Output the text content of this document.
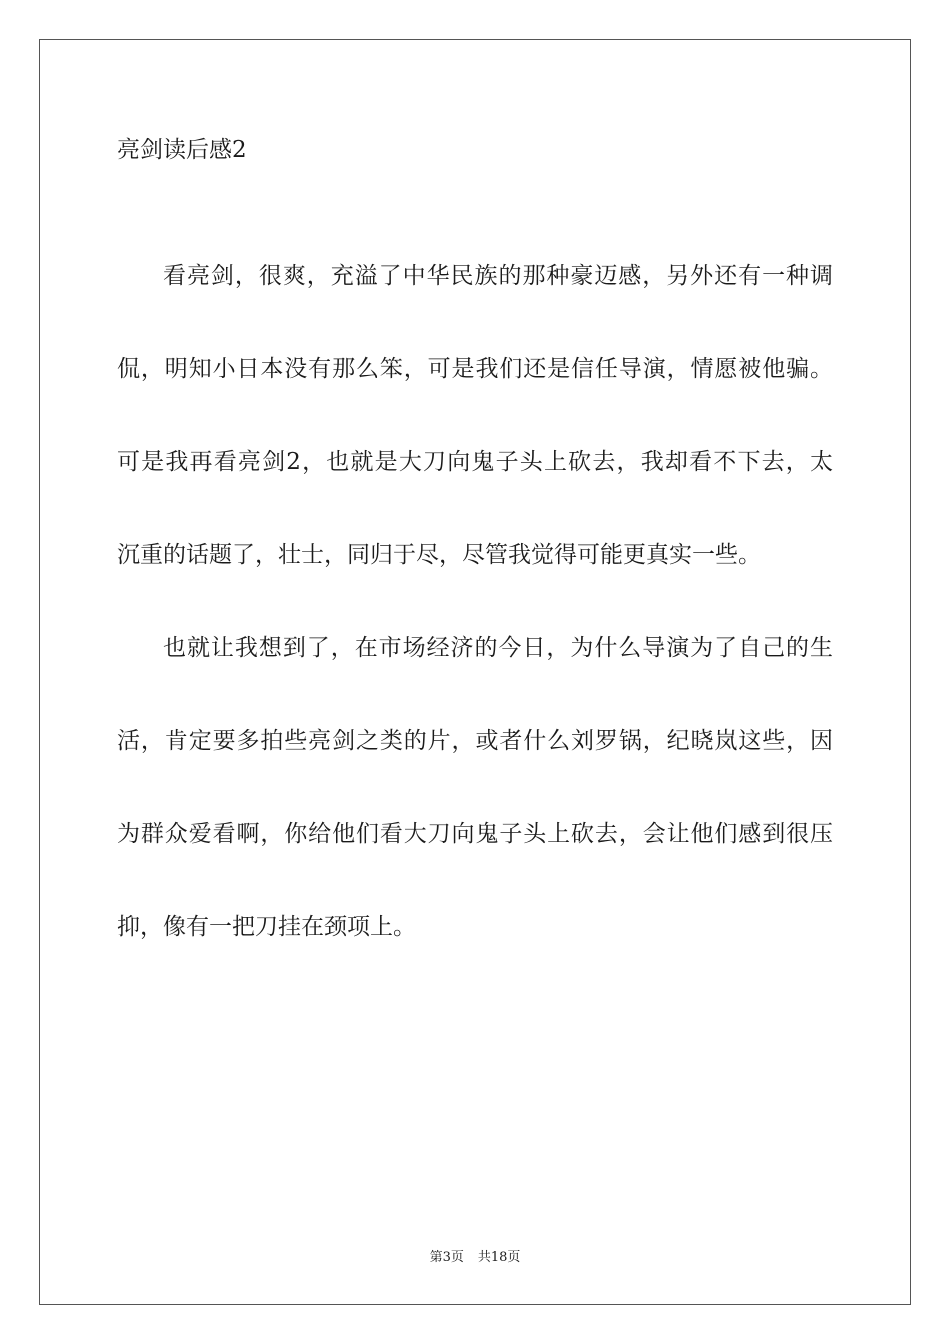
亮剑读后感2

看亮剑，很爽，充溢了中华民族的那种豪迈感，另外还有一种调

侃，明知小日本没有那么笨，可是我们还是信任导演，情愿被他骗。

可是我再看亮剑2，也就是大刀向鬼子头上砍去，我却看不下去，太

沉重的话题了，壮士，同归于尽，尽管我觉得可能更真实一些。

也就让我想到了，在市场经济的今日，为什么导演为了自己的生

活，肯定要多拍些亮剑之类的片，或者什么刘罗锅，纪晓岚这些，因

为群众爱看啊，你给他们看大刀向鬼子头上砍去，会让他们感到很压

抑，像有一把刀挂在颈项上。

第3页 共18页
